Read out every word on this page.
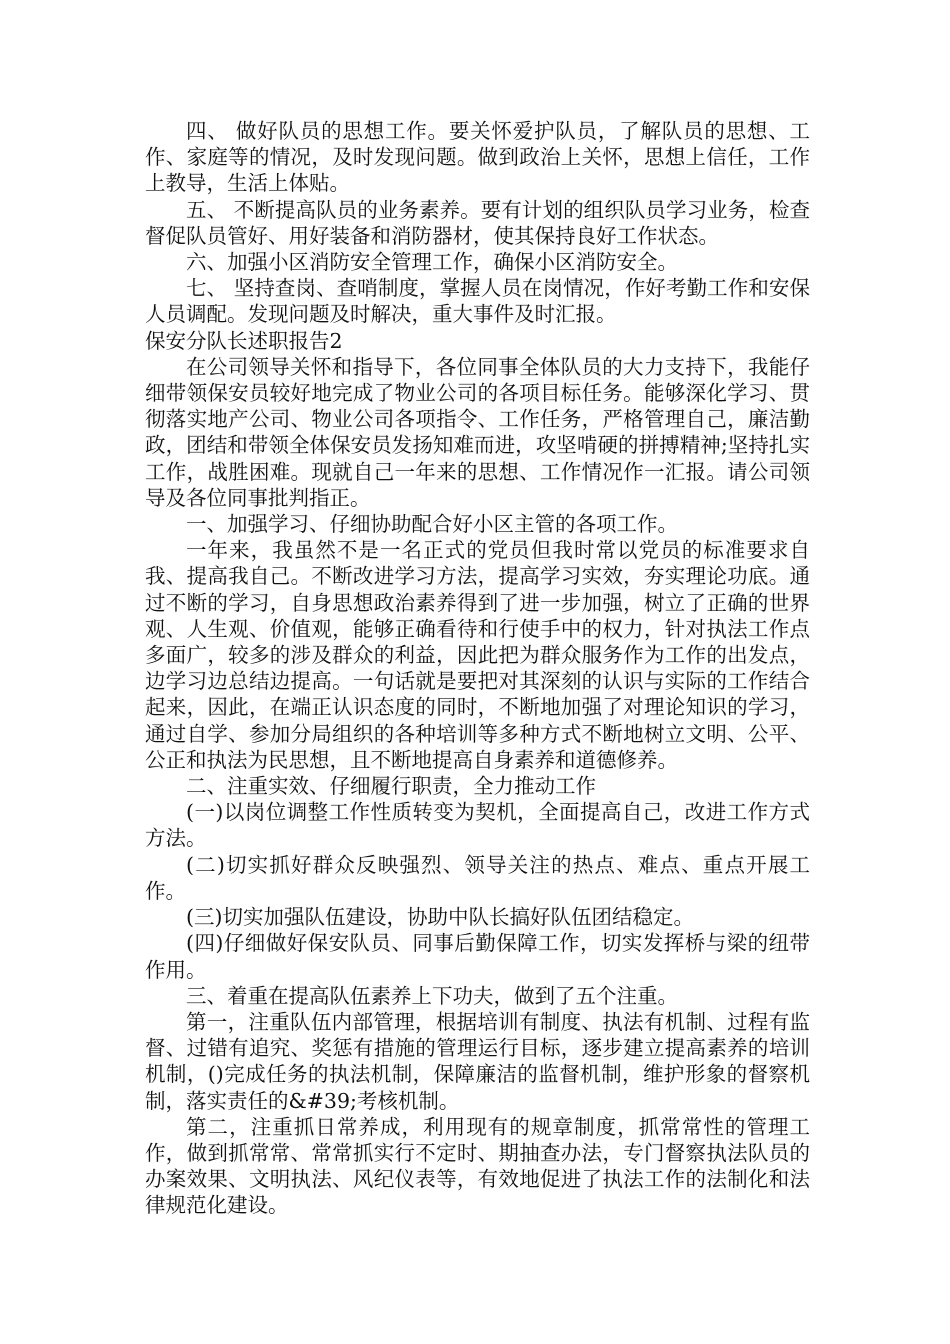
四、 做好队员的思想工作。要关怀爱护队员，了解队员的思想、工作、家庭等的情况，及时发现问题。做到政治上关怀，思想上信任，工作上教导，生活上体贴。

五、 不断提高队员的业务素养。要有计划的组织队员学习业务，检查督促队员管好、用好装备和消防器材，使其保持良好工作状态。

六、加强小区消防安全管理工作，确保小区消防安全。

七、 坚持查岗、查哨制度，掌握人员在岗情况，作好考勤工作和安保人员调配。发现问题及时解决，重大事件及时汇报。

保安分队长述职报告2

在公司领导关怀和指导下，各位同事全体队员的大力支持下，我能仔细带领保安员较好地完成了物业公司的各项目标任务。能够深化学习、贯彻落实地产公司、物业公司各项指令、工作任务，严格管理自己，廉洁勤政，团结和带领全体保安员发扬知难而进，攻坚啃硬的拼搏精神;坚持扎实工作，战胜困难。现就自己一年来的思想、工作情况作一汇报。请公司领导及各位同事批判指正。

一、加强学习、仔细协助配合好小区主管的各项工作。

一年来，我虽然不是一名正式的党员但我时常以党员的标准要求自我、提高我自己。不断改进学习方法，提高学习实效，夯实理论功底。通过不断的学习，自身思想政治素养得到了进一步加强，树立了正确的世界观、人生观、价值观，能够正确看待和行使手中的权力，针对执法工作点多面广，较多的涉及群众的利益，因此把为群众服务作为工作的出发点，边学习边总结边提高。一句话就是要把对其深刻的认识与实际的工作结合起来，因此，在端正认识态度的同时，不断地加强了对理论知识的学习，通过自学、参加分局组织的各种培训等多种方式不断地树立文明、公平、公正和执法为民思想，且不断地提高自身素养和道德修养。

二、注重实效、仔细履行职责，全力推动工作

(一)以岗位调整工作性质转变为契机，全面提高自己，改进工作方式方法。

(二)切实抓好群众反映强烈、领导关注的热点、难点、重点开展工作。

(三)切实加强队伍建设，协助中队长搞好队伍团结稳定。

(四)仔细做好保安队员、同事后勤保障工作，切实发挥桥与梁的纽带作用。

三、着重在提高队伍素养上下功夫，做到了五个注重。

第一，注重队伍内部管理，根据培训有制度、执法有机制、过程有监督、过错有追究、奖惩有措施的管理运行目标，逐步建立提高素养的培训机制，()完成任务的执法机制，保障廉洁的监督机制，维护形象的督察机制，落实责任的&#39;考核机制。

第二，注重抓日常养成，利用现有的规章制度，抓常常性的管理工作，做到抓常常、常常抓实行不定时、期抽查办法，专门督察执法队员的办案效果、文明执法、风纪仪表等，有效地促进了执法工作的法制化和法律规范化建设。
